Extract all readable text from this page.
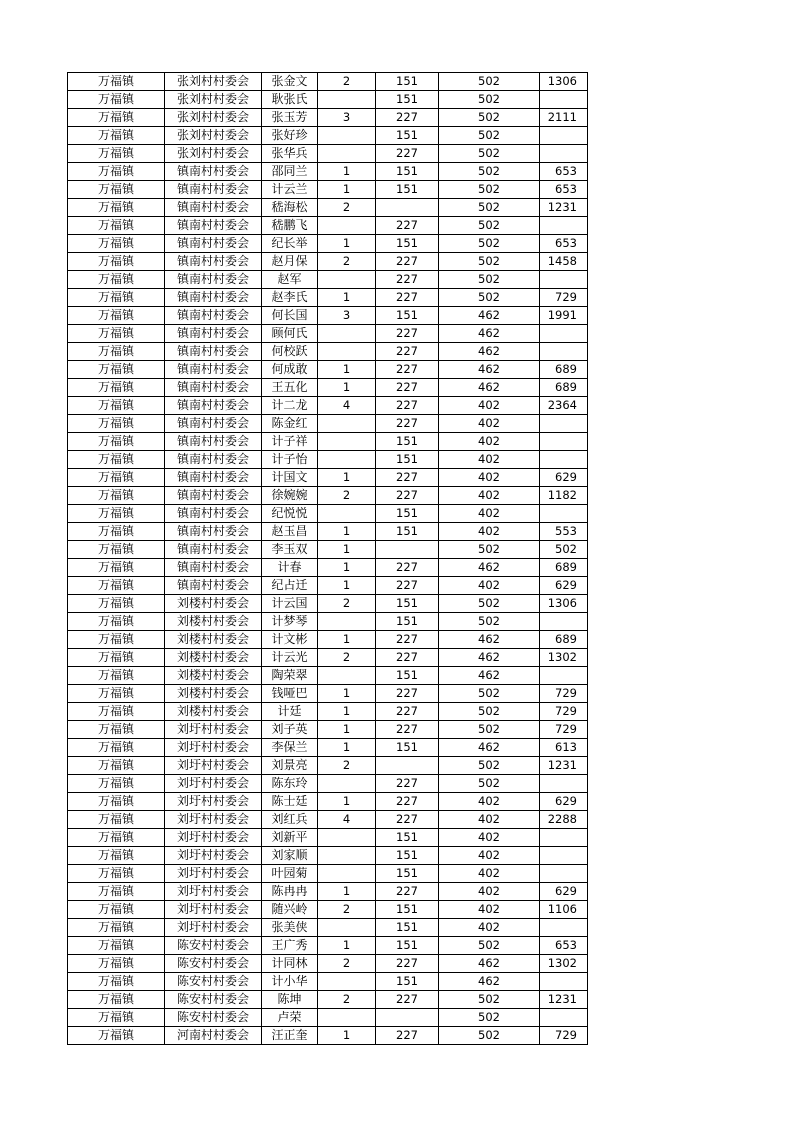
万福镇	张刘村村委会	张金文	2	151	502	1306
万福镇	张刘村村委会	耿张氏		151	502	
万福镇	张刘村村委会	张玉芳	3	227	502	2111
万福镇	张刘村村委会	张好珍		151	502	
万福镇	张刘村村委会	张华兵		227	502	
万福镇	镇南村村委会	邵同兰	1	151	502	653
万福镇	镇南村村委会	计云兰	1	151	502	653
万福镇	镇南村村委会	嵇海松	2		502	1231
万福镇	镇南村村委会	嵇鹏飞		227	502	
万福镇	镇南村村委会	纪长举	1	151	502	653
万福镇	镇南村村委会	赵月保	2	227	502	1458
万福镇	镇南村村委会	赵军		227	502	
万福镇	镇南村村委会	赵李氏	1	227	502	729
万福镇	镇南村村委会	何长国	3	151	462	1991
万福镇	镇南村村委会	顾何氏		227	462	
万福镇	镇南村村委会	何校跃		227	462	
万福镇	镇南村村委会	何成敢	1	227	462	689
万福镇	镇南村村委会	王五化	1	227	462	689
万福镇	镇南村村委会	计二龙	4	227	402	2364
万福镇	镇南村村委会	陈金红		227	402	
万福镇	镇南村村委会	计子祥		151	402	
万福镇	镇南村村委会	计子怡		151	402	
万福镇	镇南村村委会	计国文	1	227	402	629
万福镇	镇南村村委会	徐婉婉	2	227	402	1182
万福镇	镇南村村委会	纪悦悦		151	402	
万福镇	镇南村村委会	赵玉昌	1	151	402	553
万福镇	镇南村村委会	李玉双	1		502	502
万福镇	镇南村村委会	计春	1	227	462	689
万福镇	镇南村村委会	纪占迁	1	227	402	629
万福镇	刘楼村村委会	计云国	2	151	502	1306
万福镇	刘楼村村委会	计梦琴		151	502	
万福镇	刘楼村村委会	计文彬	1	227	462	689
万福镇	刘楼村村委会	计云光	2	227	462	1302
万福镇	刘楼村村委会	陶荣翠		151	462	
万福镇	刘楼村村委会	钱哑巴	1	227	502	729
万福镇	刘楼村村委会	计廷	1	227	502	729
万福镇	刘圩村村委会	刘子英	1	227	502	729
万福镇	刘圩村村委会	李保兰	1	151	462	613
万福镇	刘圩村村委会	刘景亮	2		502	1231
万福镇	刘圩村村委会	陈东玲		227	502	
万福镇	刘圩村村委会	陈士廷	1	227	402	629
万福镇	刘圩村村委会	刘红兵	4	227	402	2288
万福镇	刘圩村村委会	刘新平		151	402	
万福镇	刘圩村村委会	刘家顺		151	402	
万福镇	刘圩村村委会	叶园菊		151	402	
万福镇	刘圩村村委会	陈冉冉	1	227	402	629
万福镇	刘圩村村委会	随兴岭	2	151	402	1106
万福镇	刘圩村村委会	张美侠		151	402	
万福镇	陈安村村委会	王广秀	1	151	502	653
万福镇	陈安村村委会	计同林	2	227	462	1302
万福镇	陈安村村委会	计小华		151	462	
万福镇	陈安村村委会	陈坤	2	227	502	1231
万福镇	陈安村村委会	卢荣			502	
万福镇	河南村村委会	汪正奎	1	227	502	729
